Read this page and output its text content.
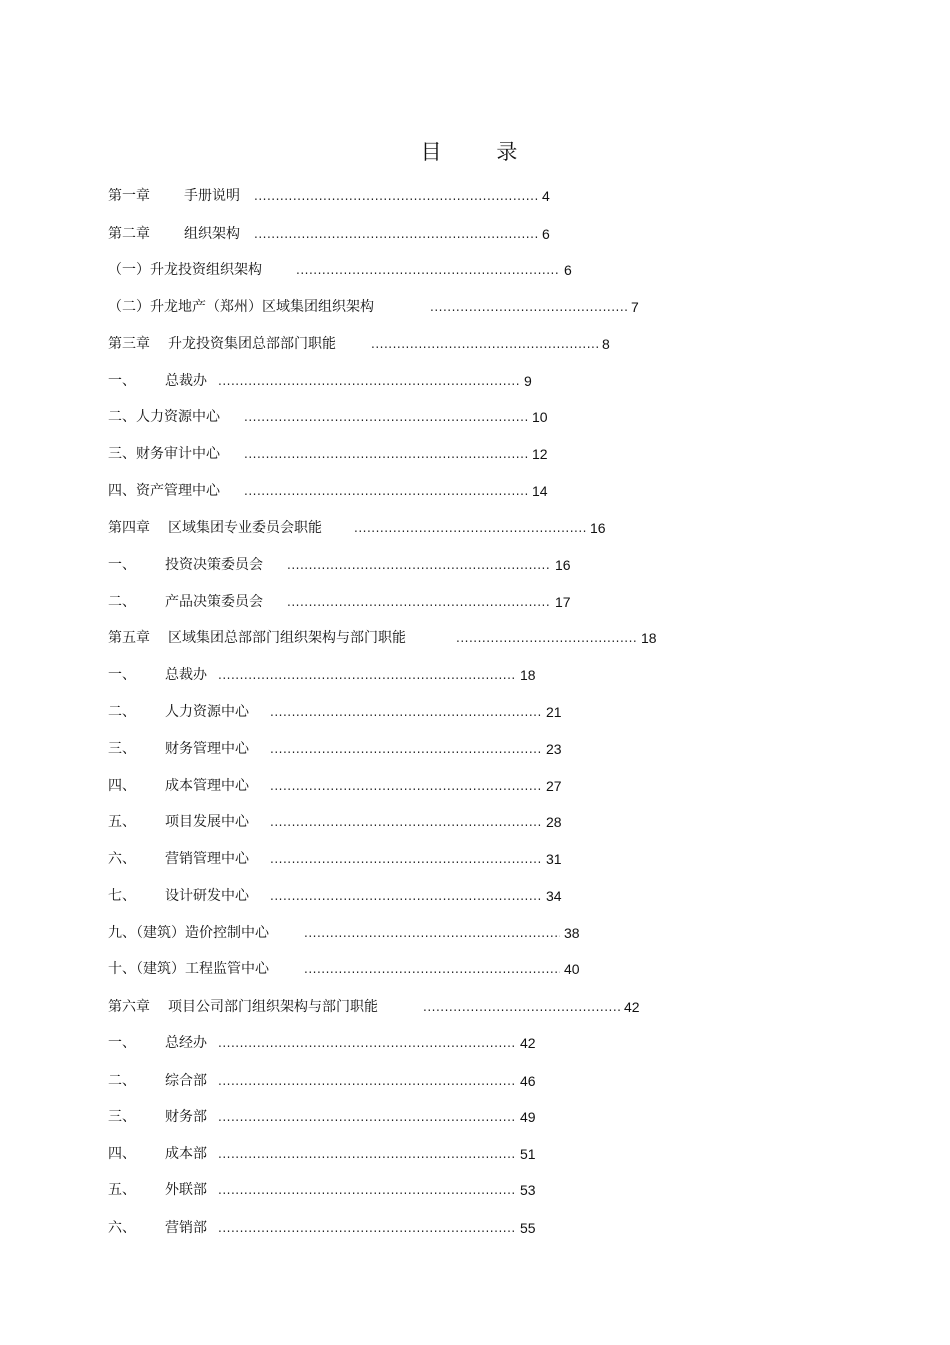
目 录
第一章 手册说明 .....	4
第二章 组织架构 .....	6
（一）升龙投资组织架构 .....	6
（二）升龙地产（郑州）区域集团组织架构 .....	7
第三章 升龙投资集团总部部门职能 .....	8
一、 总裁办 .....	9
二、人力资源中心 .....	10
三、财务审计中心 .....	12
四、资产管理中心 .....	14
第四章 区域集团专业委员会职能 .....	16
一、 投资决策委员会 .....	16
二、 产品决策委员会 .....	17
第五章 区域集团总部部门组织架构与部门职能 .....	18
一、 总裁办 .....	18
二、 人力资源中心 .....	21
三、 财务管理中心 .....	23
四、 成本管理中心 .....	27
五、 项目发展中心 .....	28
六、 营销管理中心 .....	31
七、 设计研发中心 .....	34
九、（建筑）造价控制中心 .....	38
十、（建筑）工程监管中心 .....	40
第六章 项目公司部门组织架构与部门职能 .....	42
一、 总经办 .....	42
二、 综合部 .....	46
三、 财务部 .....	49
四、 成本部 .....	51
五、 外联部 .....	53
六、 营销部 .....	55
